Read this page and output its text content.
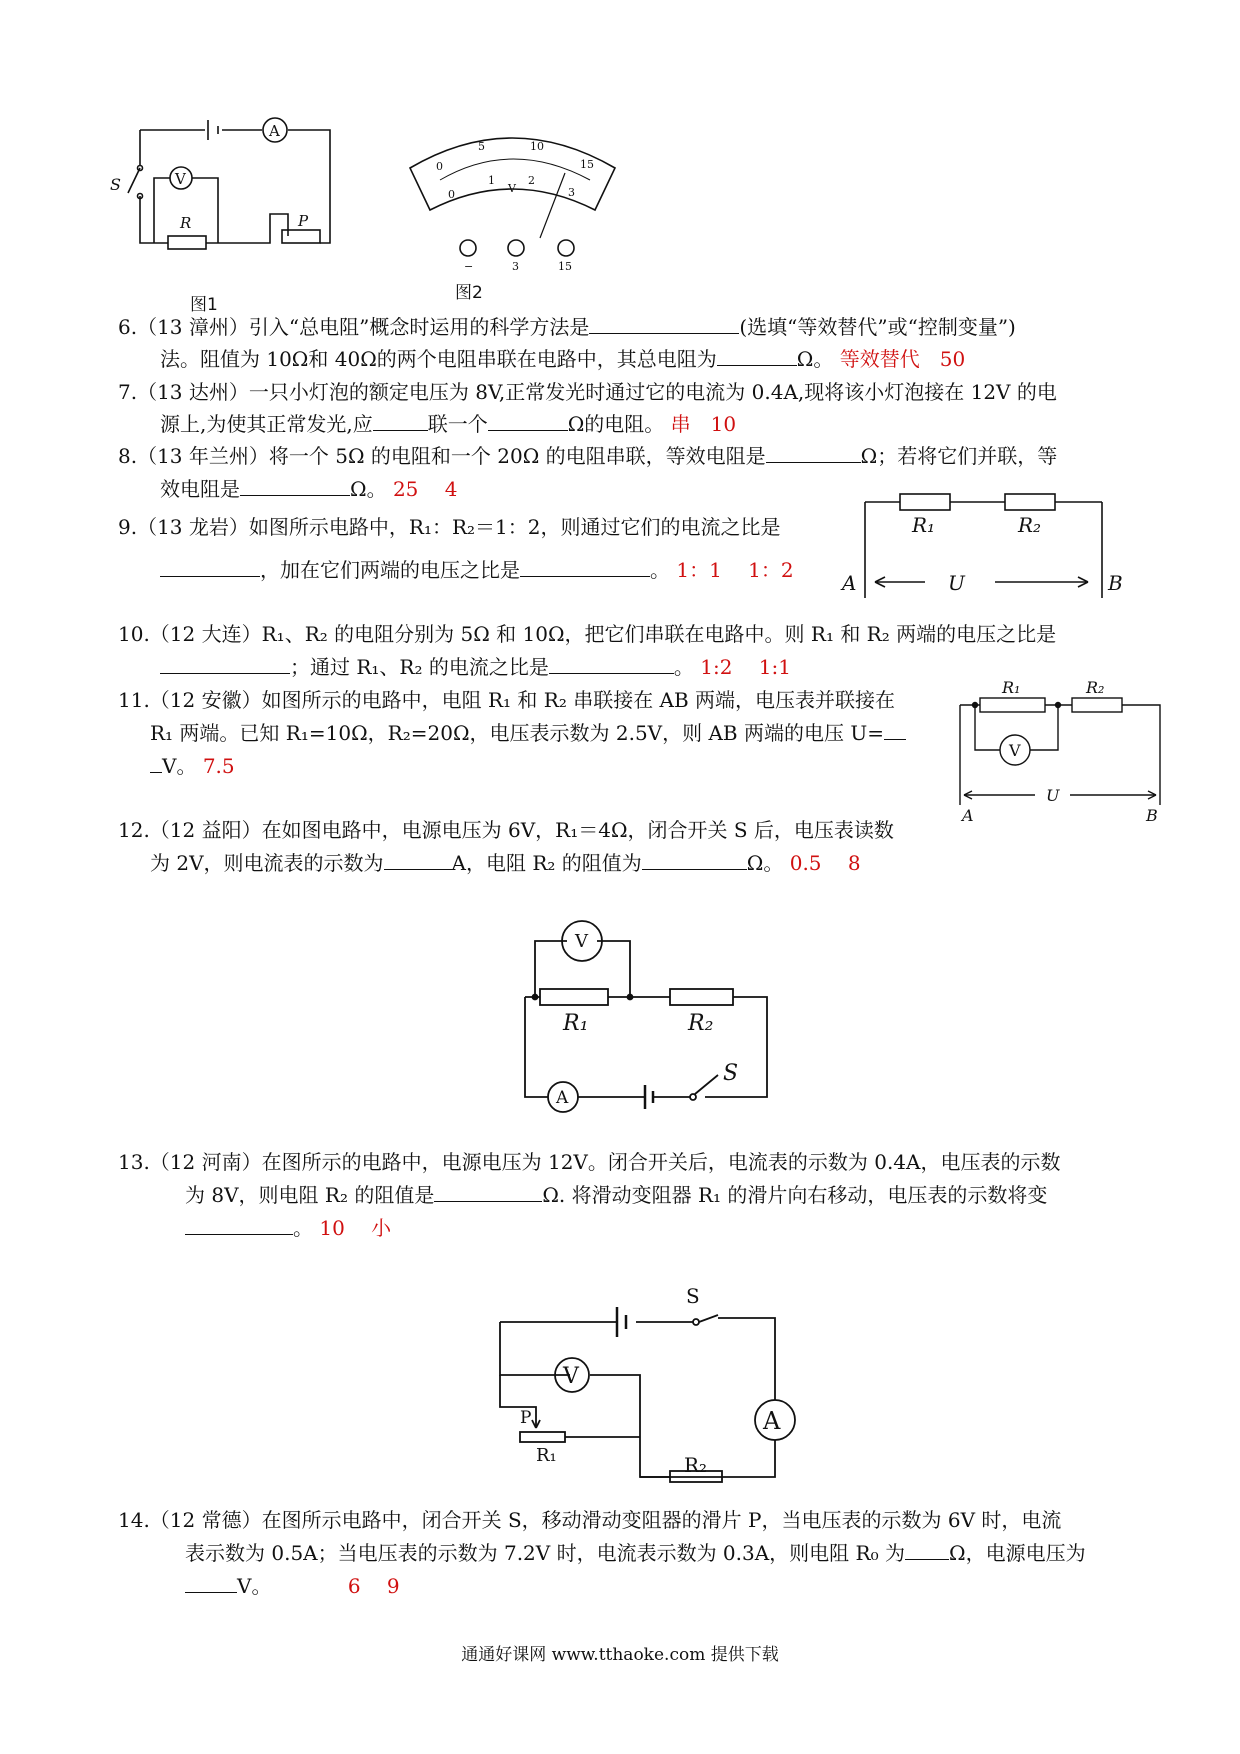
A
V
S
R	P
图1
0
5	10
15
0
1	2
3
V
−	3	15
图2
6.（13 漳州）引入“总电阻”概念时运用的科学方法是	(选填“等效替代”或“控制变量”)
法。阻值为 10Ω和 40Ω的两个电阻串联在电路中，其总电阻为	Ω。 等效替代　50
7.（13 达州）一只小灯泡的额定电压为 8V,正常发光时通过它的电流为 0.4A,现将该小灯泡接在 12V 的电
源上,为使其正常发光,应	联一个	Ω的电阻。 串　10
8.（13 年兰州）将一个 5Ω 的电阻和一个 20Ω 的电阻串联，等效电阻是	Ω；若将它们并联，等
效电阻是	Ω。 25　 4
9.（13 龙岩）如图所示电路中，R₁：R₂＝1：2，则通过它们的电流之比是
，加在它们两端的电压之比是	。 1：1　 1：2
R₁	R₂
A	U	B
10.（12 大连）R₁、R₂ 的电阻分别为 5Ω 和 10Ω，把它们串联在电路中。则 R₁ 和 R₂ 两端的电压之比是
；通过 R₁、R₂ 的电流之比是	。 1:2　 1:1
11.（12 安徽）如图所示的电路中，电阻 R₁ 和 R₂ 串联接在 AB 两端，电压表并联接在
R₁ 两端。已知 R₁=10Ω，R₂=20Ω，电压表示数为 2.5V，则 AB 两端的电压 U=
V。 7.5
R₁	R₂
V
U
A	B
12.（12 益阳）在如图电路中，电源电压为 6V，R₁＝4Ω，闭合开关 S 后，电压表读数
为 2V，则电流表的示数为	A，电阻 R₂ 的阻值为	Ω。 0.5　 8
V
R₁	R₂
A
S
13.（12 河南）在图所示的电路中，电源电压为 12V。闭合开关后，电流表的示数为 0.4A，电压表的示数
为 8V，则电阻 R₂ 的阻值是	Ω. 将滑动变阻器 R₁ 的滑片向右移动，电压表的示数将变
。 10　 小
S
V
A
P
R₁	R₂
14.（12 常德）在图所示电路中，闭合开关 S，移动滑动变阻器的滑片 P，当电压表的示数为 6V 时，电流
表示数为 0.5A；当电压表的示数为 7.2V 时，电流表示数为 0.3A，则电阻 R₀ 为 Ω，电源电压为
V。	6　 9
通通好课网 www.tthaoke.com 提供下载
